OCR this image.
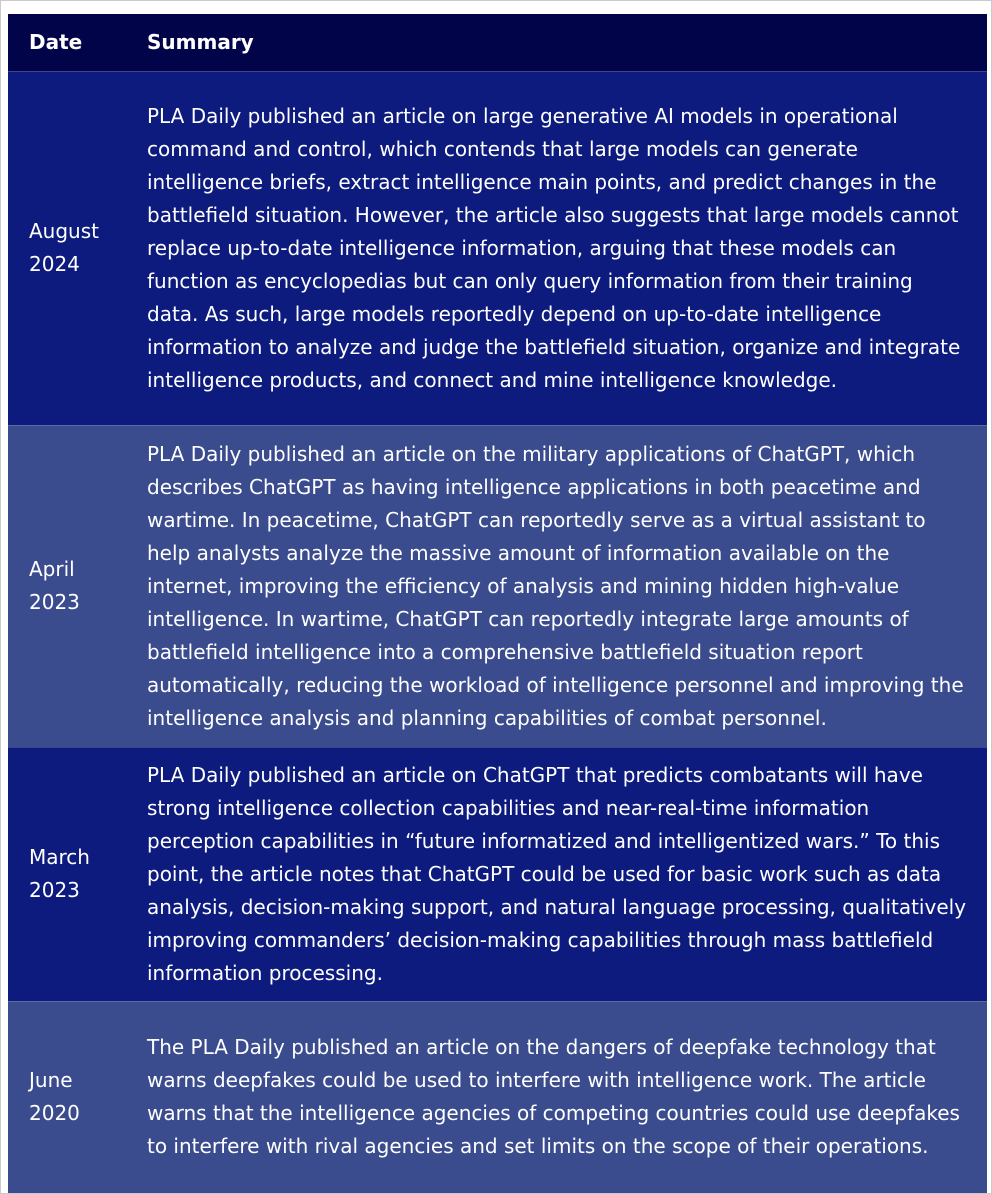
Date	Summary
August 2024	PLA Daily published an article on large generative AI models in operational command and control, which contends that large models can generate intelligence briefs, extract intelligence main points, and predict changes in the battlefield situation. However, the article also suggests that large models cannot replace up-to-date intelligence information, arguing that these models can function as encyclopedias but can only query information from their training data. As such, large models reportedly depend on up-to-date intelligence information to analyze and judge the battlefield situation, organize and integrate intelligence products, and connect and mine intelligence knowledge.
April 2023	PLA Daily published an article on the military applications of ChatGPT, which describes ChatGPT as having intelligence applications in both peacetime and wartime. In peacetime, ChatGPT can reportedly serve as a virtual assistant to help analysts analyze the massive amount of information available on the internet, improving the efficiency of analysis and mining hidden high-value intelligence. In wartime, ChatGPT can reportedly integrate large amounts of battlefield intelligence into a comprehensive battlefield situation report automatically, reducing the workload of intelligence personnel and improving the intelligence analysis and planning capabilities of combat personnel.
March 2023	PLA Daily published an article on ChatGPT that predicts combatants will have strong intelligence collection capabilities and near-real-time information perception capabilities in “future informatized and intelligentized wars.” To this point, the article notes that ChatGPT could be used for basic work such as data analysis, decision-making support, and natural language processing, qualitatively improving commanders’ decision-making capabilities through mass battlefield information processing.
June 2020	The PLA Daily published an article on the dangers of deepfake technology that warns deepfakes could be used to interfere with intelligence work. The article warns that the intelligence agencies of competing countries could use deepfakes to interfere with rival agencies and set limits on the scope of their operations.
